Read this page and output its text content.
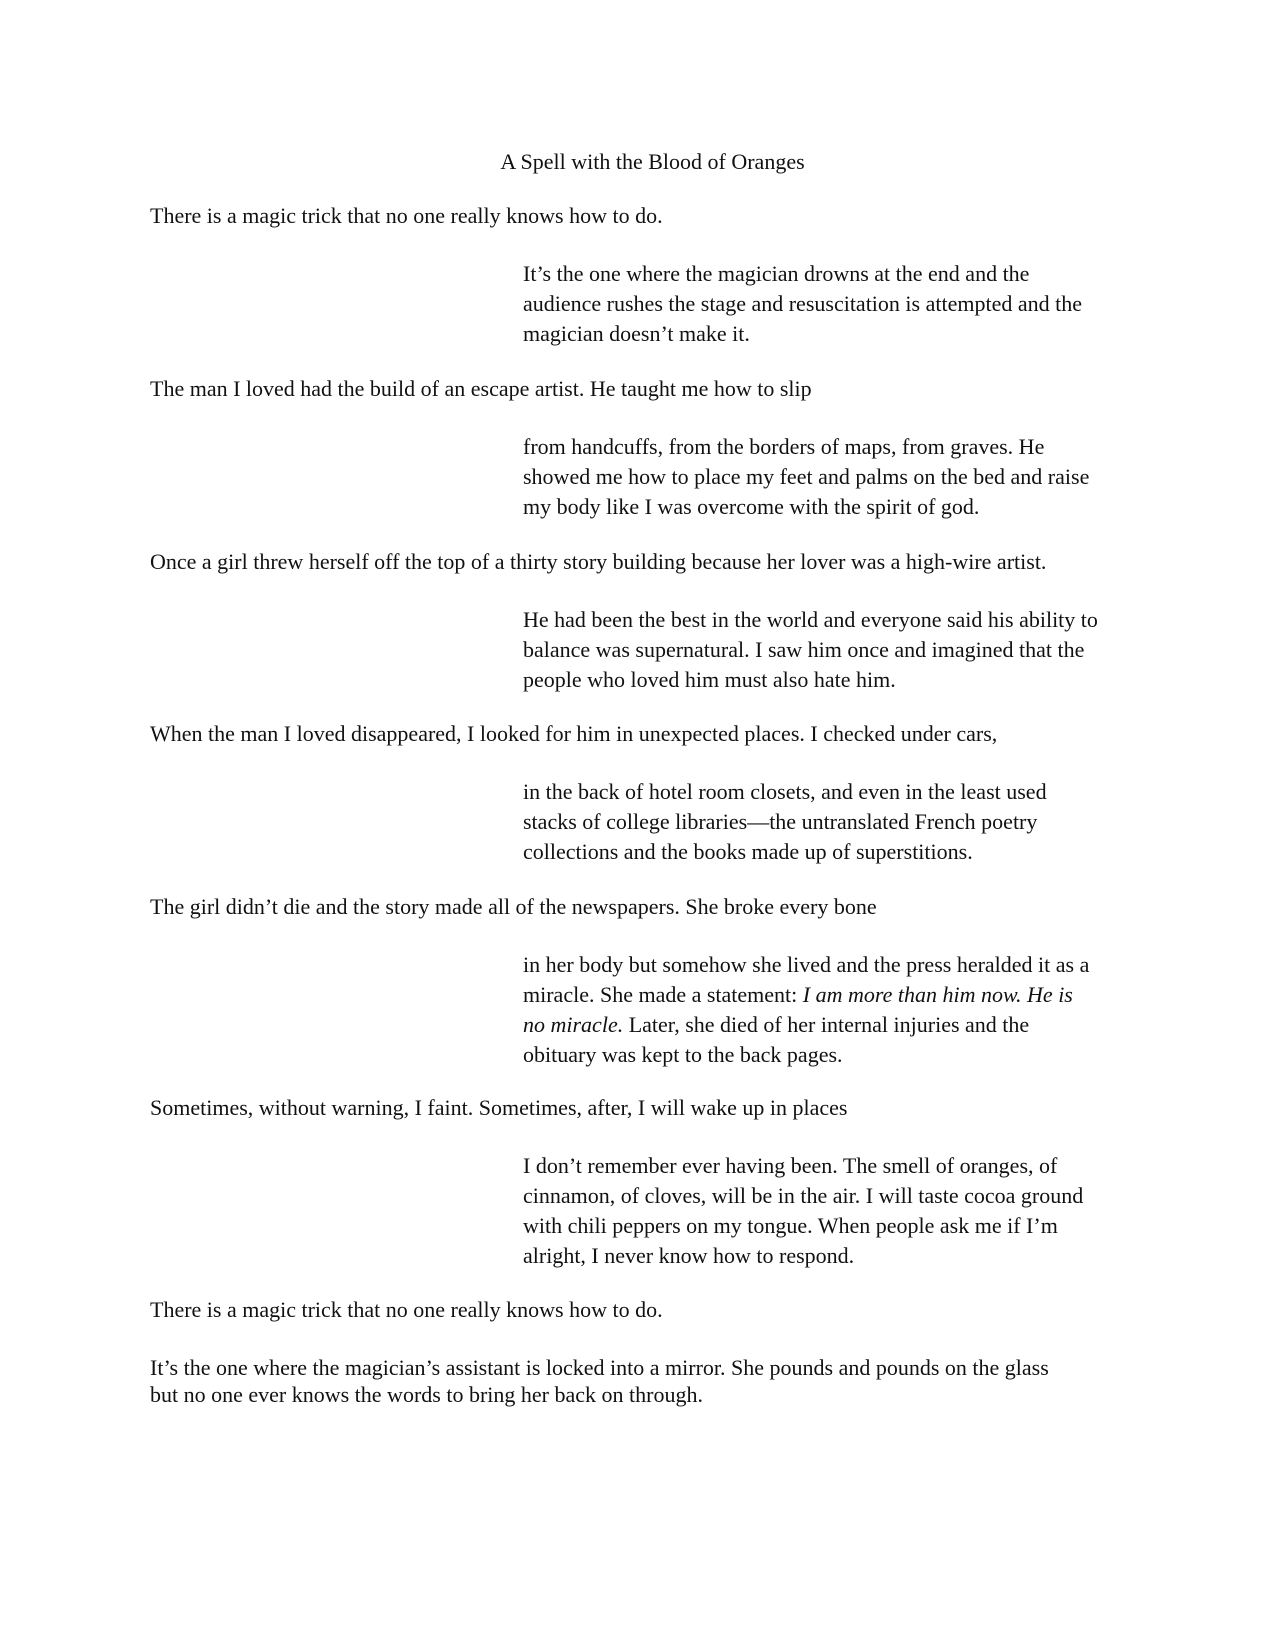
A Spell with the Blood of Oranges

There is a magic trick that no one really knows how to do.

It’s the one where the magician drowns at the end and the
audience rushes the stage and resuscitation is attempted and the
magician doesn’t make it.

The man I loved had the build of an escape artist. He taught me how to slip

from handcuffs, from the borders of maps, from graves. He
showed me how to place my feet and palms on the bed and raise
my body like I was overcome with the spirit of god.

Once a girl threw herself off the top of a thirty story building because her lover was a high-wire artist.

He had been the best in the world and everyone said his ability to
balance was supernatural. I saw him once and imagined that the
people who loved him must also hate him.

When the man I loved disappeared, I looked for him in unexpected places. I checked under cars,

in the back of hotel room closets, and even in the least used
stacks of college libraries—the untranslated French poetry
collections and the books made up of superstitions.

The girl didn’t die and the story made all of the newspapers. She broke every bone

in her body but somehow she lived and the press heralded it as a
miracle. She made a statement: I am more than him now. He is
no miracle. Later, she died of her internal injuries and the
obituary was kept to the back pages.

Sometimes, without warning, I faint. Sometimes, after, I will wake up in places

I don’t remember ever having been. The smell of oranges, of
cinnamon, of cloves, will be in the air. I will taste cocoa ground
with chili peppers on my tongue. When people ask me if I’m
alright, I never know how to respond.

There is a magic trick that no one really knows how to do.

It’s the one where the magician’s assistant is locked into a mirror. She pounds and pounds on the glass
but no one ever knows the words to bring her back on through.
